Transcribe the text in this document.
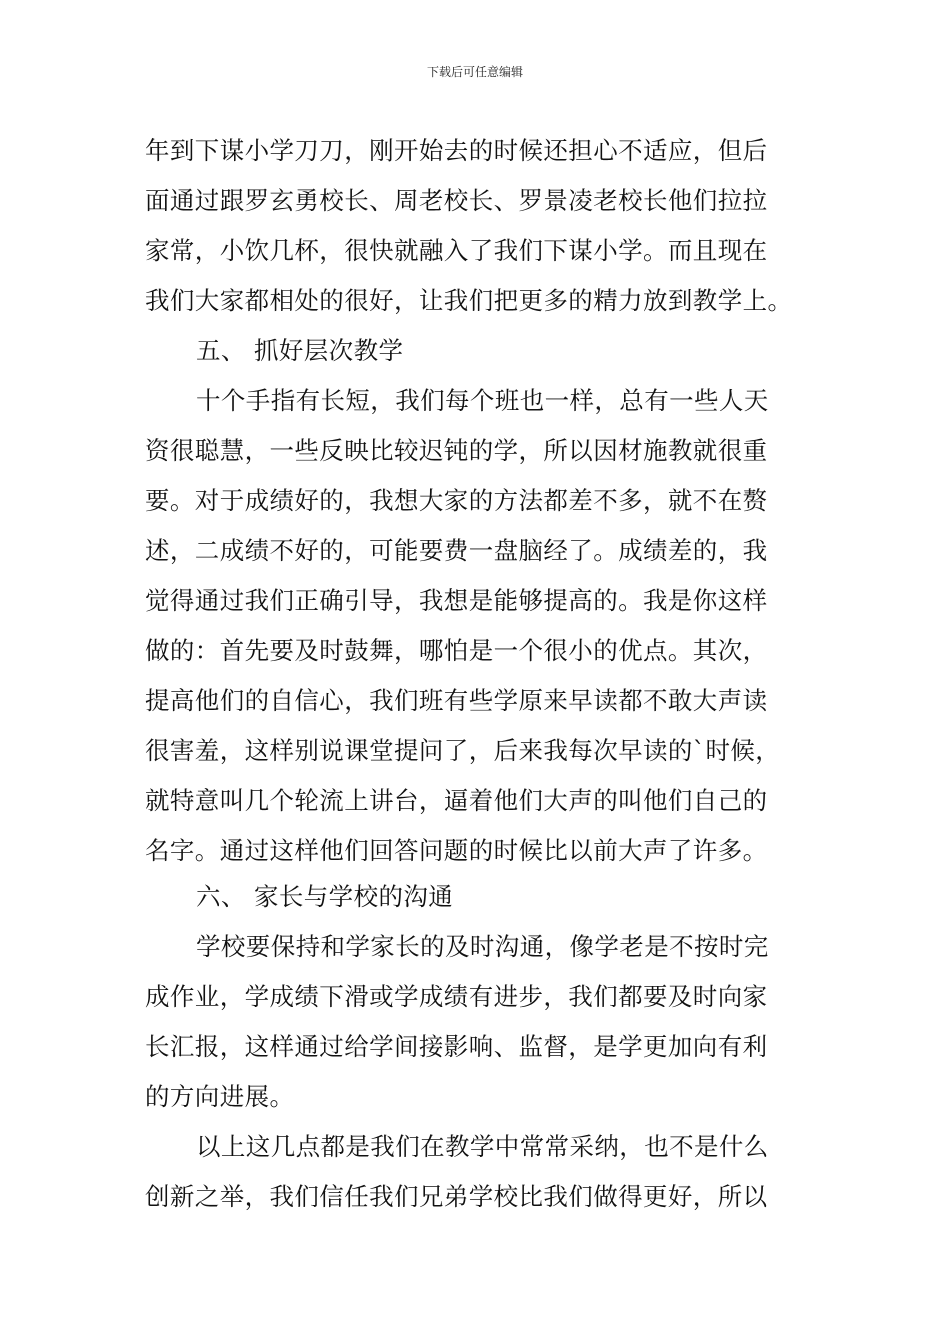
下载后可任意编辑
年到下谋小学刀刀，刚开始去的时候还担心不适应，但后
面通过跟罗玄勇校长、周老校长、罗景凌老校长他们拉拉
家常，小饮几杯，很快就融入了我们下谋小学。而且现在
我们大家都相处的很好，让我们把更多的精力放到教学上。
五、 抓好层次教学
十个手指有长短，我们每个班也一样，总有一些人天
资很聪慧，一些反映比较迟钝的学，所以因材施教就很重
要。对于成绩好的，我想大家的方法都差不多，就不在赘
述，二成绩不好的，可能要费一盘脑经了。成绩差的，我
觉得通过我们正确引导，我想是能够提高的。我是你这样
做的：首先要及时鼓舞，哪怕是一个很小的优点。其次，
提高他们的自信心，我们班有些学原来早读都不敢大声读
很害羞，这样别说课堂提问了，后来我每次早读的`时候，
就特意叫几个轮流上讲台，逼着他们大声的叫他们自己的
名字。通过这样他们回答问题的时候比以前大声了许多。
六、 家长与学校的沟通
学校要保持和学家长的及时沟通，像学老是不按时完
成作业，学成绩下滑或学成绩有进步，我们都要及时向家
长汇报，这样通过给学间接影响、监督，是学更加向有利
的方向进展。
以上这几点都是我们在教学中常常采纳，也不是什么
创新之举，我们信任我们兄弟学校比我们做得更好，所以
